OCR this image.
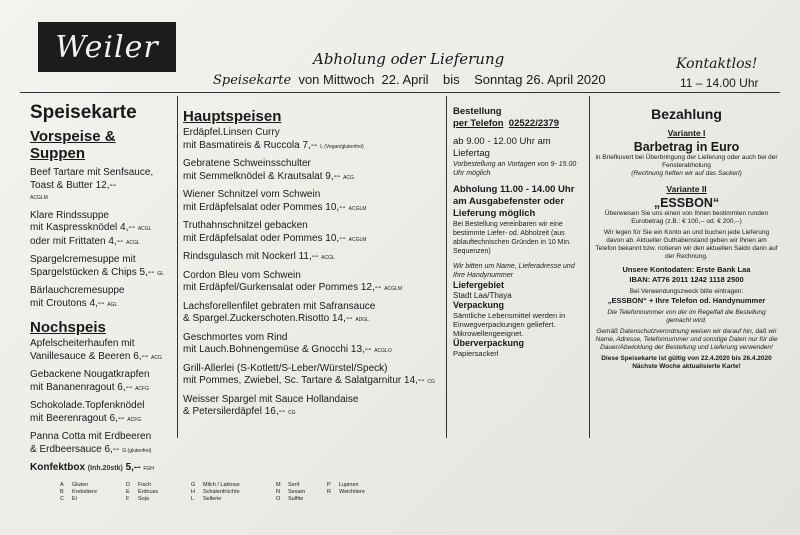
Weiler	Abholung oder Lieferung	Kontaktlos!
Speisekarte von Mittwoch 22. April bis Sonntag 26. April 2020	11 – 14.00 Uhr
Speisekarte
Vorspeise & Suppen
Beef Tartare mit Senfsauce,
Toast & Butter 12,--
ACGLM
Klare Rindssuppe
mit Kaspressknödel 4,-- ACGL
oder mit Frittaten 4,-- ACGL
Spargelcremesuppe mit
Spargelstücken & Chips 5,-- GL
Bärlauchcremesuppe
mit Croutons 4,-- AGL
Nochspeis
Apfelscheiterhaufen mit
Vanillesauce & Beeren 6,-- ACG
Gebackene Nougatkrapfen
mit Bananenragout 6,-- ACFG
Schokolade.Topfenknödel
mit Beerenragout 6,-- ACFG
Panna Cotta mit Erdbeeren
& Erdbeersauce 6,-- G (glutenfrei)
Konfektbox (Inh.20stk) 5,-- FGH
Hauptspeisen
Erdäpfel.Linsen Curry
mit Basmatireis & Ruccola 7,-- L (Vegan/glutenfrei)
Gebratene Schweinsschulter
mit Semmelknödel & Krautsalat 9,-- ACG
Wiener Schnitzel vom Schwein
mit Erdäpfelsalat oder Pommes 10,-- ACGLM
Truthahnschnitzel gebacken
mit Erdäpfelsalat oder Pommes 10,-- ACGLM
Rindsgulasch mit Nockerl 11,-- ACGL
Cordon Bleu vom Schwein
mit Erdäpfel/Gurkensalat oder Pommes 12,-- ACGLM
Lachsforellenfilet gebraten mit Safransauce
& Spargel.Zuckerschoten.Risotto 14,-- ADGL
Geschmortes vom Rind
mit Lauch.Bohnengemüse & Gnocchi 13,-- ACGLO
Grill-Allerlei (S-Kotlett/S-Leber/Würstel/Speck)
mit Pommes, Zwiebel, Sc. Tartare & Salatgarnitur 14,-- CG
Weisser Spargel mit Sauce Hollandaise
& Petersilerdäpfel 16,-- CG
Bestellung
per Telefon 02522/2379
ab 9.00 - 12.00 Uhr am Liefertag
Vorbestellung an Vortagen von 9- 15.00 Uhr möglich
Abholung 11.00 - 14.00 Uhr am Ausgabefenster oder Lieferung möglich
Bei Bestellung vereinbaren wir eine bestimmte Liefer- od. Abholzeit (aus ablauftechnischen Gründen in 10 Min. Sequenzen)
Wir bitten um Name, Lieferadresse und Ihre Handynummer
Liefergebiet
Stadt Laa/Thaya
Verpackung
Sämtliche Lebensmittel werden in Einwegverpackungen geliefert. Mikrowellengeeignet.
Überverpackung
Papiersackerl
Bezahlung
Variante I
Barbetrag in Euro
in Briefkuvert bei Überbringung der Lieferung oder auch bei der Fensterabholung
(Rechnung heften wir auf das Sackerl)
Variante II
„ESSBON“
Überweisen Sie uns einen von Ihnen bestimmten runden Eurobetrag (z.B.: € 100,-- od. € 200,--)
Wir legen für Sie ein Konto an und buchen jede Lieferung davon ab. Aktueller Guthabenstand geben wir Ihnen am Telefon bekannt bzw. notieren wir den aktuellen Saldo dann auf der Rechnung.
Unsere Kontodaten: Erste Bank Laa
IBAN: AT76 2011 1242 1118 2500
Bei Verwendungszweck bitte eintragen:
„ESSBON“ + Ihre Telefon od. Handynummer
Die Telefonnummer von der im Regelfall die Bestellung gemacht wird.
Gemäß Datenschutzverordnung weisen wir darauf hin, daß wir Name, Adresse, Telefonnummer und sonstige Daten nur für die Dauer/Abwicklung der Bestellung und Lieferung verwenden!
Diese Speisekarte ist gültig von 22.4.2020 bis 26.4.2020
Nächste Woche aktualisierte Karte!
A Gluten
B Krebstiere
C Ei
D Fisch
E Erdnuss
F Soja
G Milch / Laktose
H Schalenfrüchte
L Sellerie
M Senf
N Sesam
O Sulfite
P Lupinen
R Weichtiere
